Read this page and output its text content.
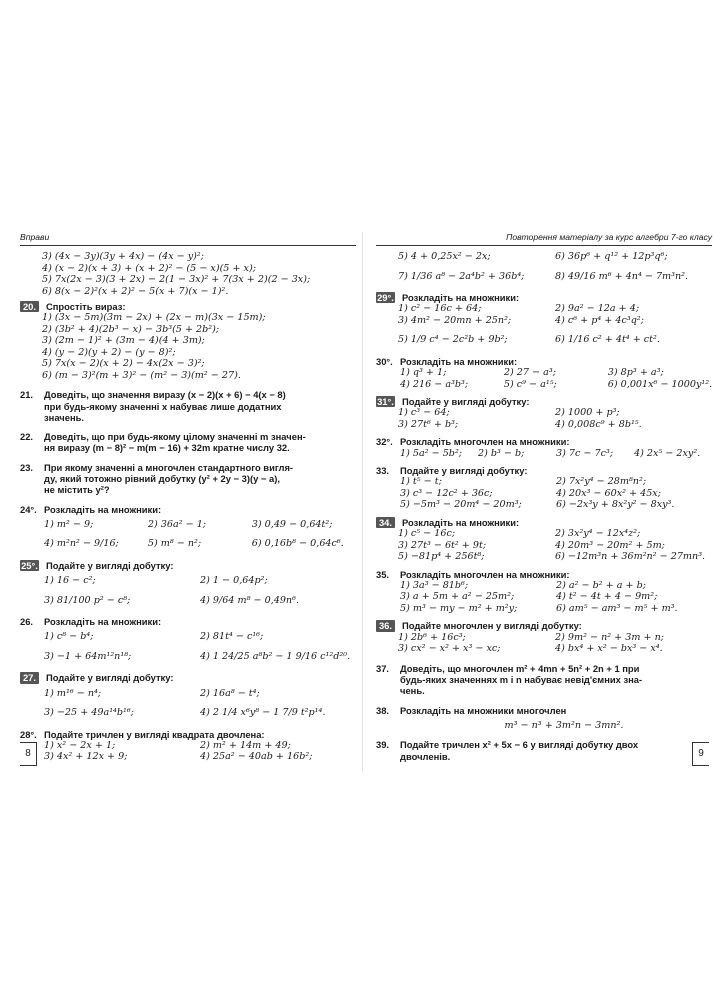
Вправи
3) (4x − 3y)(3y + 4x) − (4x − y)²;
4) (x − 2)(x + 3) + (x + 2)² − (5 − x)(5 + x);
5) 7x(2x − 3)(3 + 2x) − 2(1 − 3x)² + 7(3x + 2)(2 − 3x);
6) 8(x − 2)²(x + 2)² − 5(x + 7)(x − 1)².
20.	Спростіть вираз:
1) (3x − 5m)(3m − 2x) + (2x − m)(3x − 15m);
2) (3b² + 4)(2b³ − x) − 3b³(5 + 2b²);
3) (2m − 1)² + (3m − 4)(4 + 3m);
4) (y − 2)(y + 2) − (y − 8)²;
5) 7x(x − 2)(x + 2) − 4x(2x − 3)²;
6) (m − 3)²(m + 3)² − (m² − 3)(m² − 27).
21.	Доведіть, що значення виразу (x − 2)(x + 6) − 4(x − 8)
при будь-якому значенні x набуває лише додатних
значень.
22.	Доведіть, що при будь-якому цілому значенні m значен-
ня виразу (m − 8)² − m(m − 16) + 32m кратне числу 32.
23.	При якому значенні a многочлен стандартного вигля-
ду, який тотожно рівний добутку (y² + 2y − 3)(y − a),
не містить y²?
24°. Розкладіть на множники:
1) m² − 9;	2) 36a² − 1;	3) 0,49 − 0,64t²;
4) m²n² − 9/16;	5) m⁸ − n²;	6) 0,16b⁸ − 0,64c⁶.
25°. Подайте у вигляді добутку:
1) 16 − c²;	2) 1 − 0,64p²;
3) 81/100 p² − c⁸;	4) 9/64 m⁸ − 0,49n⁶.
26.	Розкладіть на множники:
1) c⁸ − b⁴;	2) 81t⁴ − c¹⁶;
3) −1 + 64m¹²n¹⁸;	4) 1 24/25 a⁸b² − 1 9/16 c¹²d²⁰.
27.	Подайте у вигляді добутку:
1) m¹⁶ − n⁴;	2) 16a⁸ − t⁴;
3) −25 + 49a¹⁴b¹⁶;	4) 2 1/4 x⁶y⁸ − 1 7/9 t²p¹⁴.
28°. Подайте тричлен у вигляді квадрата двочлена:
1) x² − 2x + 1;	2) m² + 14m + 49;
3) 4x² + 12x + 9;	4) 25a² − 40ab + 16b²;
8
Повторення матеріалу за курс алгебри 7-го класу
5) 4 + 0,25x² − 2x;	6) 36p⁶ + q¹² + 12p³q⁶;
7) 1/36 a⁸ − 2a⁴b² + 36b⁴;	8) 49/16 m⁶ + 4n⁴ − 7m³n².
29°. Розкладіть на множники:
1) c² − 16c + 64;	2) 9a² − 12a + 4;
3) 4m² − 20mn + 25n²;	4) c⁶ + p⁴ + 4c³q²;
5) 1/9 c⁴ − 2c²b + 9b²;	6) 1/16 c² + 4t⁴ + ct².
30°. Розкладіть на множники:
1) q³ + 1;	2) 27 − a³;	3) 8p³ + a³;
4) 216 − a³b³;	5) c⁹ − a¹⁵;	6) 0,001x⁶ − 1000y¹².
31°. Подайте у вигляді добутку:
1) c³ − 64;	2) 1000 + p³;
3) 27t⁶ + b³;	4) 0,008c⁹ + 8b¹⁵.
32°. Розкладіть многочлен на множники:
1) 5a² − 5b²;	2) b³ − b;	3) 7c − 7c³;	4) 2x⁵ − 2xy².
33.	Подайте у вигляді добутку:
1) t⁵ − t;	2) 7x²y⁴ − 28m⁸n²;
3) c³ − 12c² + 36c;	4) 20x³ − 60x² + 45x;
5) −5m³ − 20m⁴ − 20m³;	6) −2x³y + 8x²y² − 8xy³.
34.	Розкладіть на множники:
1) c⁵ − 16c;	2) 3x²y⁴ − 12x⁴z²;
3) 27t³ − 6t² + 9t;	4) 20m³ − 20m² + 5m;
5) −81p⁴ + 256t⁸;	6) −12m³n + 36m²n² − 27mn³.
35.	Розкладіть многочлен на множники:
1) 3a³ − 81b⁶;	2) a² − b² + a + b;
3) a + 5m + a² − 25m²;	4) t² − 4t + 4 − 9m²;
5) m³ − my − m² + m²y;	6) am⁵ − am³ − m⁵ + m³.
36.	Подайте многочлен у вигляді добутку:
1) 2b⁶ + 16c³;	2) 9m² − n² + 3m + n;
3) cx² − x² + x³ − xc;	4) bx⁴ + x² − bx³ − x⁴.
37.	Доведіть, що многочлен m² + 4mn + 5n² + 2n + 1 при
будь-яких значеннях m і n набуває невід'ємних зна-
чень.
38.	Розкладіть на множники многочлен
m³ − n³ + 3m²n − 3mn².
39.	Подайте тричлен x² + 5x − 6 у вигляді добутку двох
двочленів.	9
